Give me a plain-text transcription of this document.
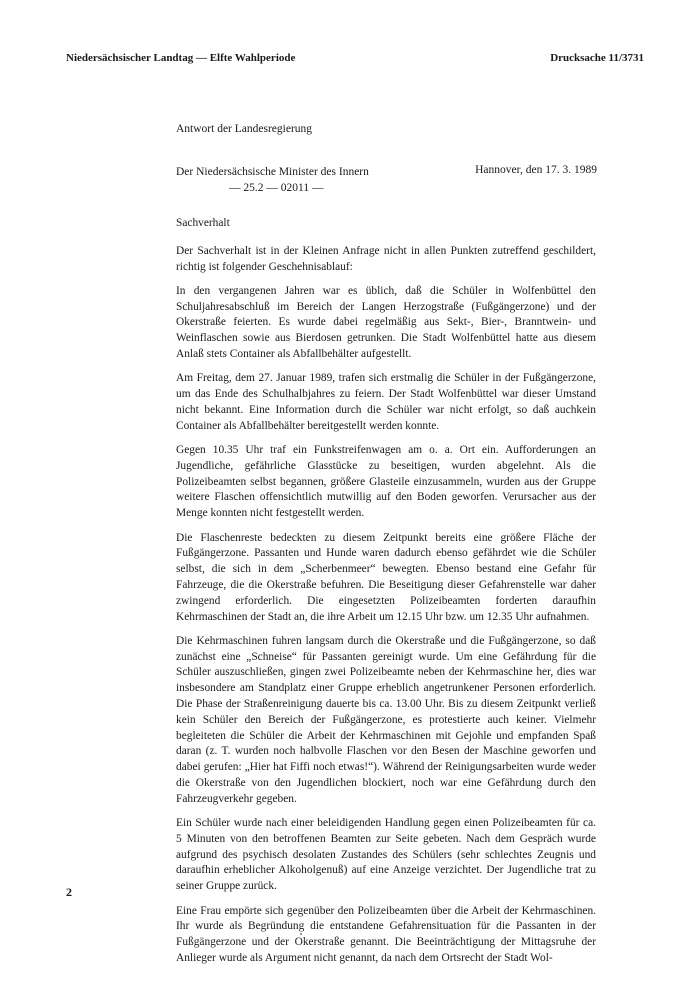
Niedersächsischer Landtag — Elfte Wahlperiode	Drucksache 11/3731
Antwort der Landesregierung
Der Niedersächsische Minister des Innern
— 25.2 — 02011 —
Hannover, den 17. 3. 1989

Sachverhalt

Der Sachverhalt ist in der Kleinen Anfrage nicht in allen Punkten zutreffend geschildert, richtig ist folgender Geschehnisablauf:

In den vergangenen Jahren war es üblich, daß die Schüler in Wolfenbüttel den Schuljahresabschluß im Bereich der Langen Herzogstraße (Fußgängerzone) und der Okerstraße feierten. Es wurde dabei regelmäßig aus Sekt-, Bier-, Branntwein- und Weinflaschen sowie aus Bierdosen getrunken. Die Stadt Wolfenbüttel hatte aus diesem Anlaß stets Container als Abfallbehälter aufgestellt.

Am Freitag, dem 27. Januar 1989, trafen sich erstmalig die Schüler in der Fußgängerzone, um das Ende des Schulhalbjahres zu feiern. Der Stadt Wolfenbüttel war dieser Umstand nicht bekannt. Eine Information durch die Schüler war nicht erfolgt, so daß auchkein Container als Abfallbehälter bereitgestellt werden konnte.

Gegen 10.35 Uhr traf ein Funkstreifenwagen am o. a. Ort ein. Aufforderungen an Jugendliche, gefährliche Glasstücke zu beseitigen, wurden abgelehnt. Als die Polizeibeamten selbst begannen, größere Glasteile einzusammeln, wurden aus der Gruppe weitere Flaschen offensichtlich mutwillig auf den Boden geworfen. Verursacher aus der Menge konnten nicht festgestellt werden.

Die Flaschenreste bedeckten zu diesem Zeitpunkt bereits eine größere Fläche der Fußgängerzone. Passanten und Hunde waren dadurch ebenso gefährdet wie die Schüler selbst, die sich in dem „Scherbenmeer“ bewegten. Ebenso bestand eine Gefahr für Fahrzeuge, die die Okerstraße befuhren. Die Beseitigung dieser Gefahrenstelle war daher zwingend erforderlich. Die eingesetzten Polizeibeamten forderten daraufhin Kehrmaschinen der Stadt an, die ihre Arbeit um 12.15 Uhr bzw. um 12.35 Uhr aufnahmen.

Die Kehrmaschinen fuhren langsam durch die Okerstraße und die Fußgängerzone, so daß zunächst eine „Schneise“ für Passanten gereinigt wurde. Um eine Gefährdung für die Schüler auszuschließen, gingen zwei Polizeibeamte neben der Kehrmaschine her, dies war insbesondere am Standplatz einer Gruppe erheblich angetrunkener Personen erforderlich. Die Phase der Straßenreinigung dauerte bis ca. 13.00 Uhr. Bis zu diesem Zeitpunkt verließ kein Schüler den Bereich der Fußgängerzone, es protestierte auch keiner. Vielmehr begleiteten die Schüler die Arbeit der Kehrmaschinen mit Gejohle und empfanden Spaß daran (z. T. wurden noch halbvolle Flaschen vor den Besen der Maschine geworfen und dabei gerufen: „Hier hat Fiffi noch etwas!“). Während der Reinigungsarbeiten wurde weder die Okerstraße von den Jugendlichen blockiert, noch war eine Gefährdung durch den Fahrzeugverkehr gegeben.

Ein Schüler wurde nach einer beleidigenden Handlung gegen einen Polizeibeamten für ca. 5 Minuten von den betroffenen Beamten zur Seite gebeten. Nach dem Gespräch wurde aufgrund des psychisch desolaten Zustandes des Schülers (sehr schlechtes Zeugnis und daraufhin erheblicher Alkoholgenuß) auf eine Anzeige verzichtet. Der Jugendliche trat zu seiner Gruppe zurück.

Eine Frau empörte sich gegenüber den Polizeibeamten über die Arbeit der Kehrmaschinen. Ihr wurde als Begründung die entstandene Gefahrensituation für die Passanten in der Fußgängerzone und der Okerstraße genannt. Die Beeinträchtigung der Mittagsruhe der Anlieger wurde als Argument nicht genannt, da nach dem Ortsrecht der Stadt Wol-

2
